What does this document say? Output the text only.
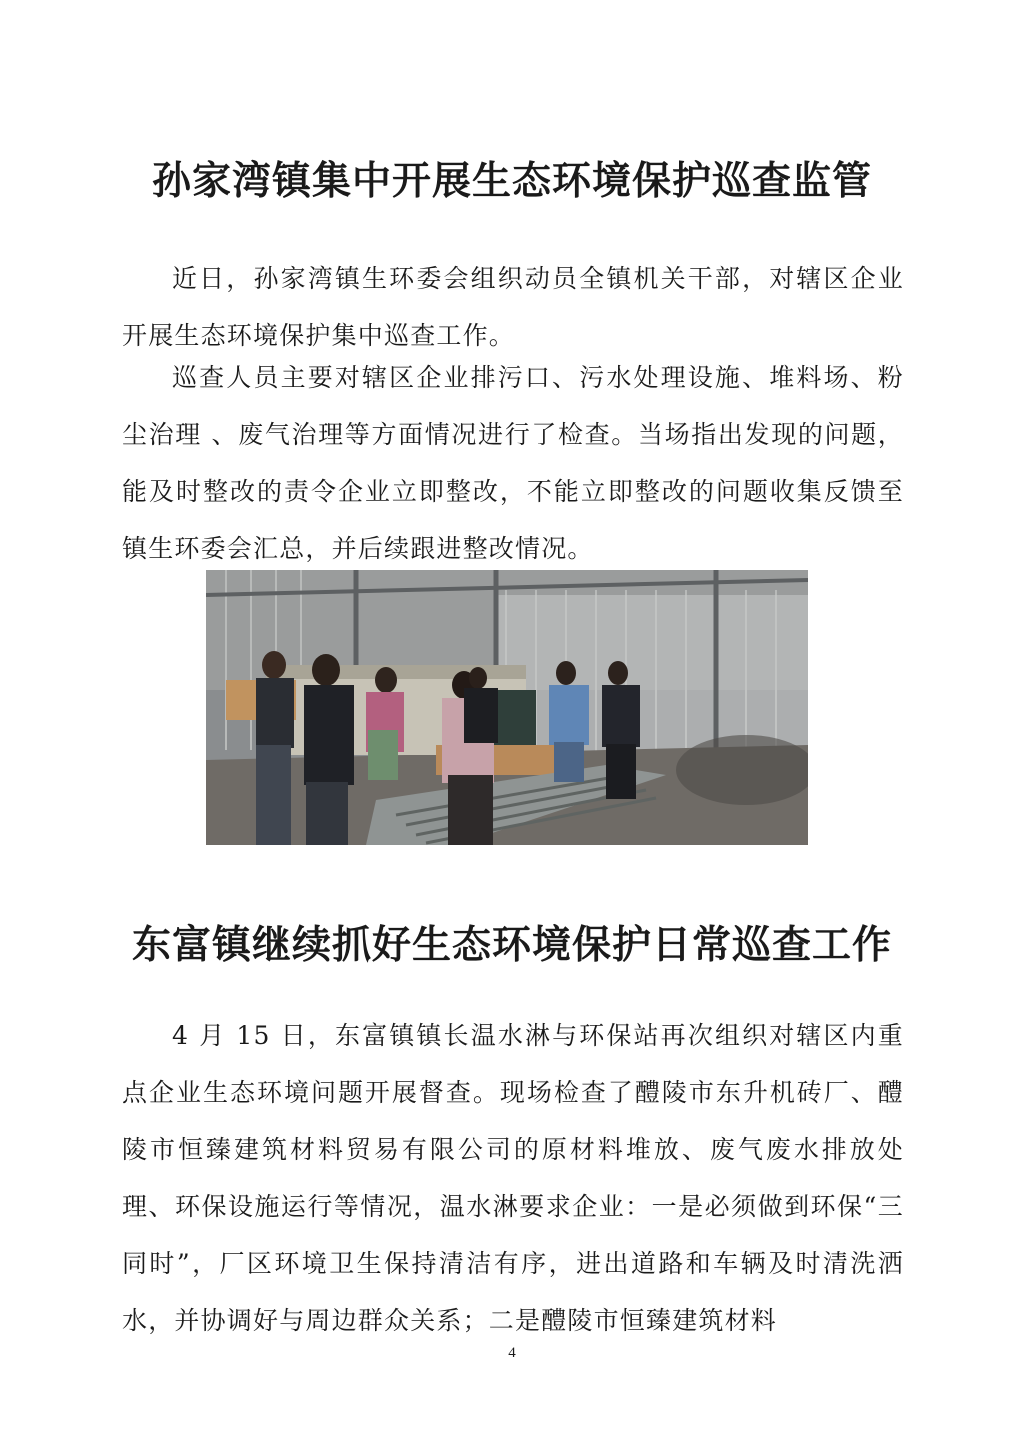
孙家湾镇集中开展生态环境保护巡查监管

近日，孙家湾镇生环委会组织动员全镇机关干部，对辖区企业开展生态环境保护集中巡查工作。

巡查人员主要对辖区企业排污口、污水处理设施、堆料场、粉尘治理 、废气治理等方面情况进行了检查。当场指出发现的问题，能及时整改的责令企业立即整改，不能立即整改的问题收集反馈至镇生环委会汇总，并后续跟进整改情况。

东富镇继续抓好生态环境保护日常巡查工作

4 月 15 日，东富镇镇长温水淋与环保站再次组织对辖区内重点企业生态环境问题开展督查。现场检查了醴陵市东升机砖厂、醴陵市恒臻建筑材料贸易有限公司的原材料堆放、废气废水排放处理、环保设施运行等情况，温水淋要求企业：一是必须做到环保“三同时”，厂区环境卫生保持清洁有序，进出道路和车辆及时清洗洒水，并协调好与周边群众关系；二是醴陵市恒臻建筑材料

4
